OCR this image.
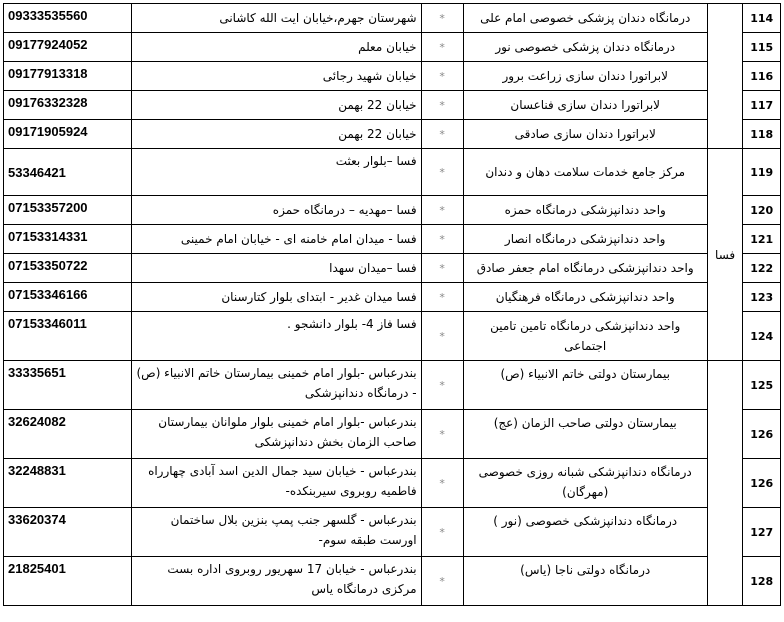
114		درمانگاه دندان پزشکی خصوصی امام علی	*	شهرستان جهرم،خیابان ایت الله کاشانی	09333535560
115		درمانگاه دندان پزشکی خصوصی نور	*	خیابان معلم	09177924052
116		لابراتورا دندان سازی زراعت برور	*	خیابان شهید رجائی	09177913318
117		لابراتورا دندان سازی فناعسان	*	خیابان 22 بهمن	09176332328
118		لابراتورا دندان سازی صادقی	*	خیابان 22 بهمن	09171905924
119	فسا	مرکز جامع خدمات سلامت دهان و دندان	*	فسا –بلوار بعثت	53346421
120		واحد دندانپزشکی درمانگاه حمزه	*	فسا –مهدیه – درمانگاه حمزه	07153357200
121		واحد دندانپزشکی درمانگاه انصار	*	فسا - میدان امام خامنه ای - خیابان امام خمینی	07153314331
122		واحد دندانپزشکی درمانگاه امام جعفر صادق	*	فسا –میدان سهدا	07153350722
123		واحد دندانپزشکی درمانگاه فرهنگیان	*	فسا میدان غدیر - ابتدای بلوار کتارسنان	07153346166
124		واحد دندانپزشکی درمانگاه تامین تامین اجتماعی	*	فسا فاز 4- بلوار دانشجو .	07153346011
125		بیمارستان دولتی خاتم الانبیاء (ص)	*	بندرعباس -بلوار امام خمینی بیمارستان خاتم الانبیاء (ص) - درمانگاه دندانپزشکی	33335651
126		بیمارستان دولتی صاحب الزمان (عج)	*	بندرعباس -بلوار امام خمینی بلوار ملوانان بیمارستان صاحب الزمان بخش دندانپزشکی	32624082
126		درمانگاه دندانپزشکی شبانه روزی خصوصی (مهرگان)	*	بندرعباس - خیابان سید جمال الدین اسد آبادی چهارراه فاطمیه روبروی سیربنکده-	32248831
127		درمانگاه دندانپزشکی خصوصی (نور )	*	بندرعباس - گلسهر جنب پمپ بنزین بلال ساختمان اورست طبقه سوم-	33620374
128		درمانگاه دولتی ناجا (یاس)	*	بندرعباس - خیابان 17 سهریور روبروی اداره بست مرکزی درمانگاه یاس	21825401
